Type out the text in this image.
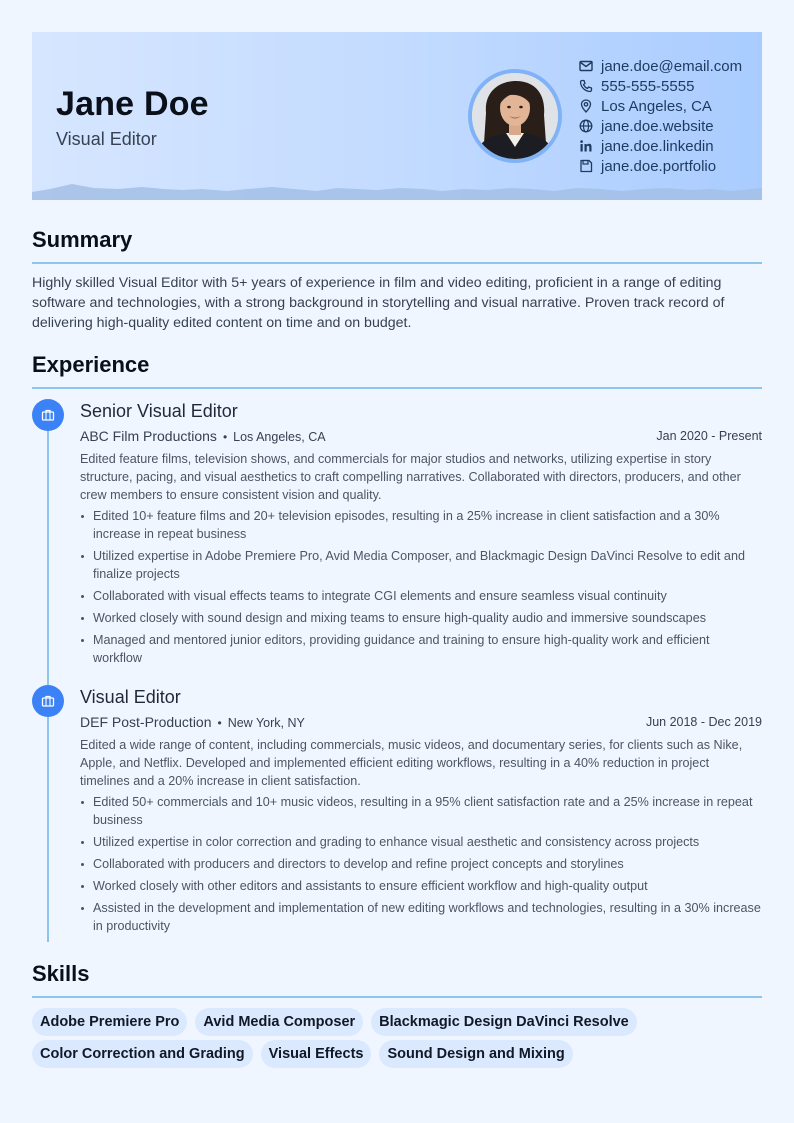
Jane Doe
Visual Editor
jane.doe@email.com
555-555-5555
Los Angeles, CA
jane.doe.website
jane.doe.linkedin
jane.doe.portfolio
Summary

Highly skilled Visual Editor with 5+ years of experience in film and video editing, proficient in a range of editing software and technologies, with a strong background in storytelling and visual narrative. Proven track record of delivering high-quality edited content on time and on budget.

Experience
Senior Visual Editor
ABC Film Productions • Los Angeles, CA	Jan 2020 - Present

Edited feature films, television shows, and commercials for major studios and networks, utilizing expertise in story structure, pacing, and visual aesthetics to craft compelling narratives. Collaborated with directors, producers, and other crew members to ensure consistent vision and quality.

Edited 10+ feature films and 20+ television episodes, resulting in a 25% increase in client satisfaction and a 30% increase in repeat business
Utilized expertise in Adobe Premiere Pro, Avid Media Composer, and Blackmagic Design DaVinci Resolve to edit and finalize projects
Collaborated with visual effects teams to integrate CGI elements and ensure seamless visual continuity
Worked closely with sound design and mixing teams to ensure high-quality audio and immersive soundscapes
Managed and mentored junior editors, providing guidance and training to ensure high-quality work and efficient workflow
Visual Editor
DEF Post-Production • New York, NY	Jun 2018 - Dec 2019

Edited a wide range of content, including commercials, music videos, and documentary series, for clients such as Nike, Apple, and Netflix. Developed and implemented efficient editing workflows, resulting in a 40% reduction in project timelines and a 20% increase in client satisfaction.

Edited 50+ commercials and 10+ music videos, resulting in a 95% client satisfaction rate and a 25% increase in repeat business
Utilized expertise in color correction and grading to enhance visual aesthetic and consistency across projects
Collaborated with producers and directors to develop and refine project concepts and storylines
Worked closely with other editors and assistants to ensure efficient workflow and high-quality output
Assisted in the development and implementation of new editing workflows and technologies, resulting in a 30% increase in productivity
Skills
Adobe Premiere Pro	Avid Media Composer	Blackmagic Design DaVinci Resolve
Color Correction and Grading	Visual Effects	Sound Design and Mixing
